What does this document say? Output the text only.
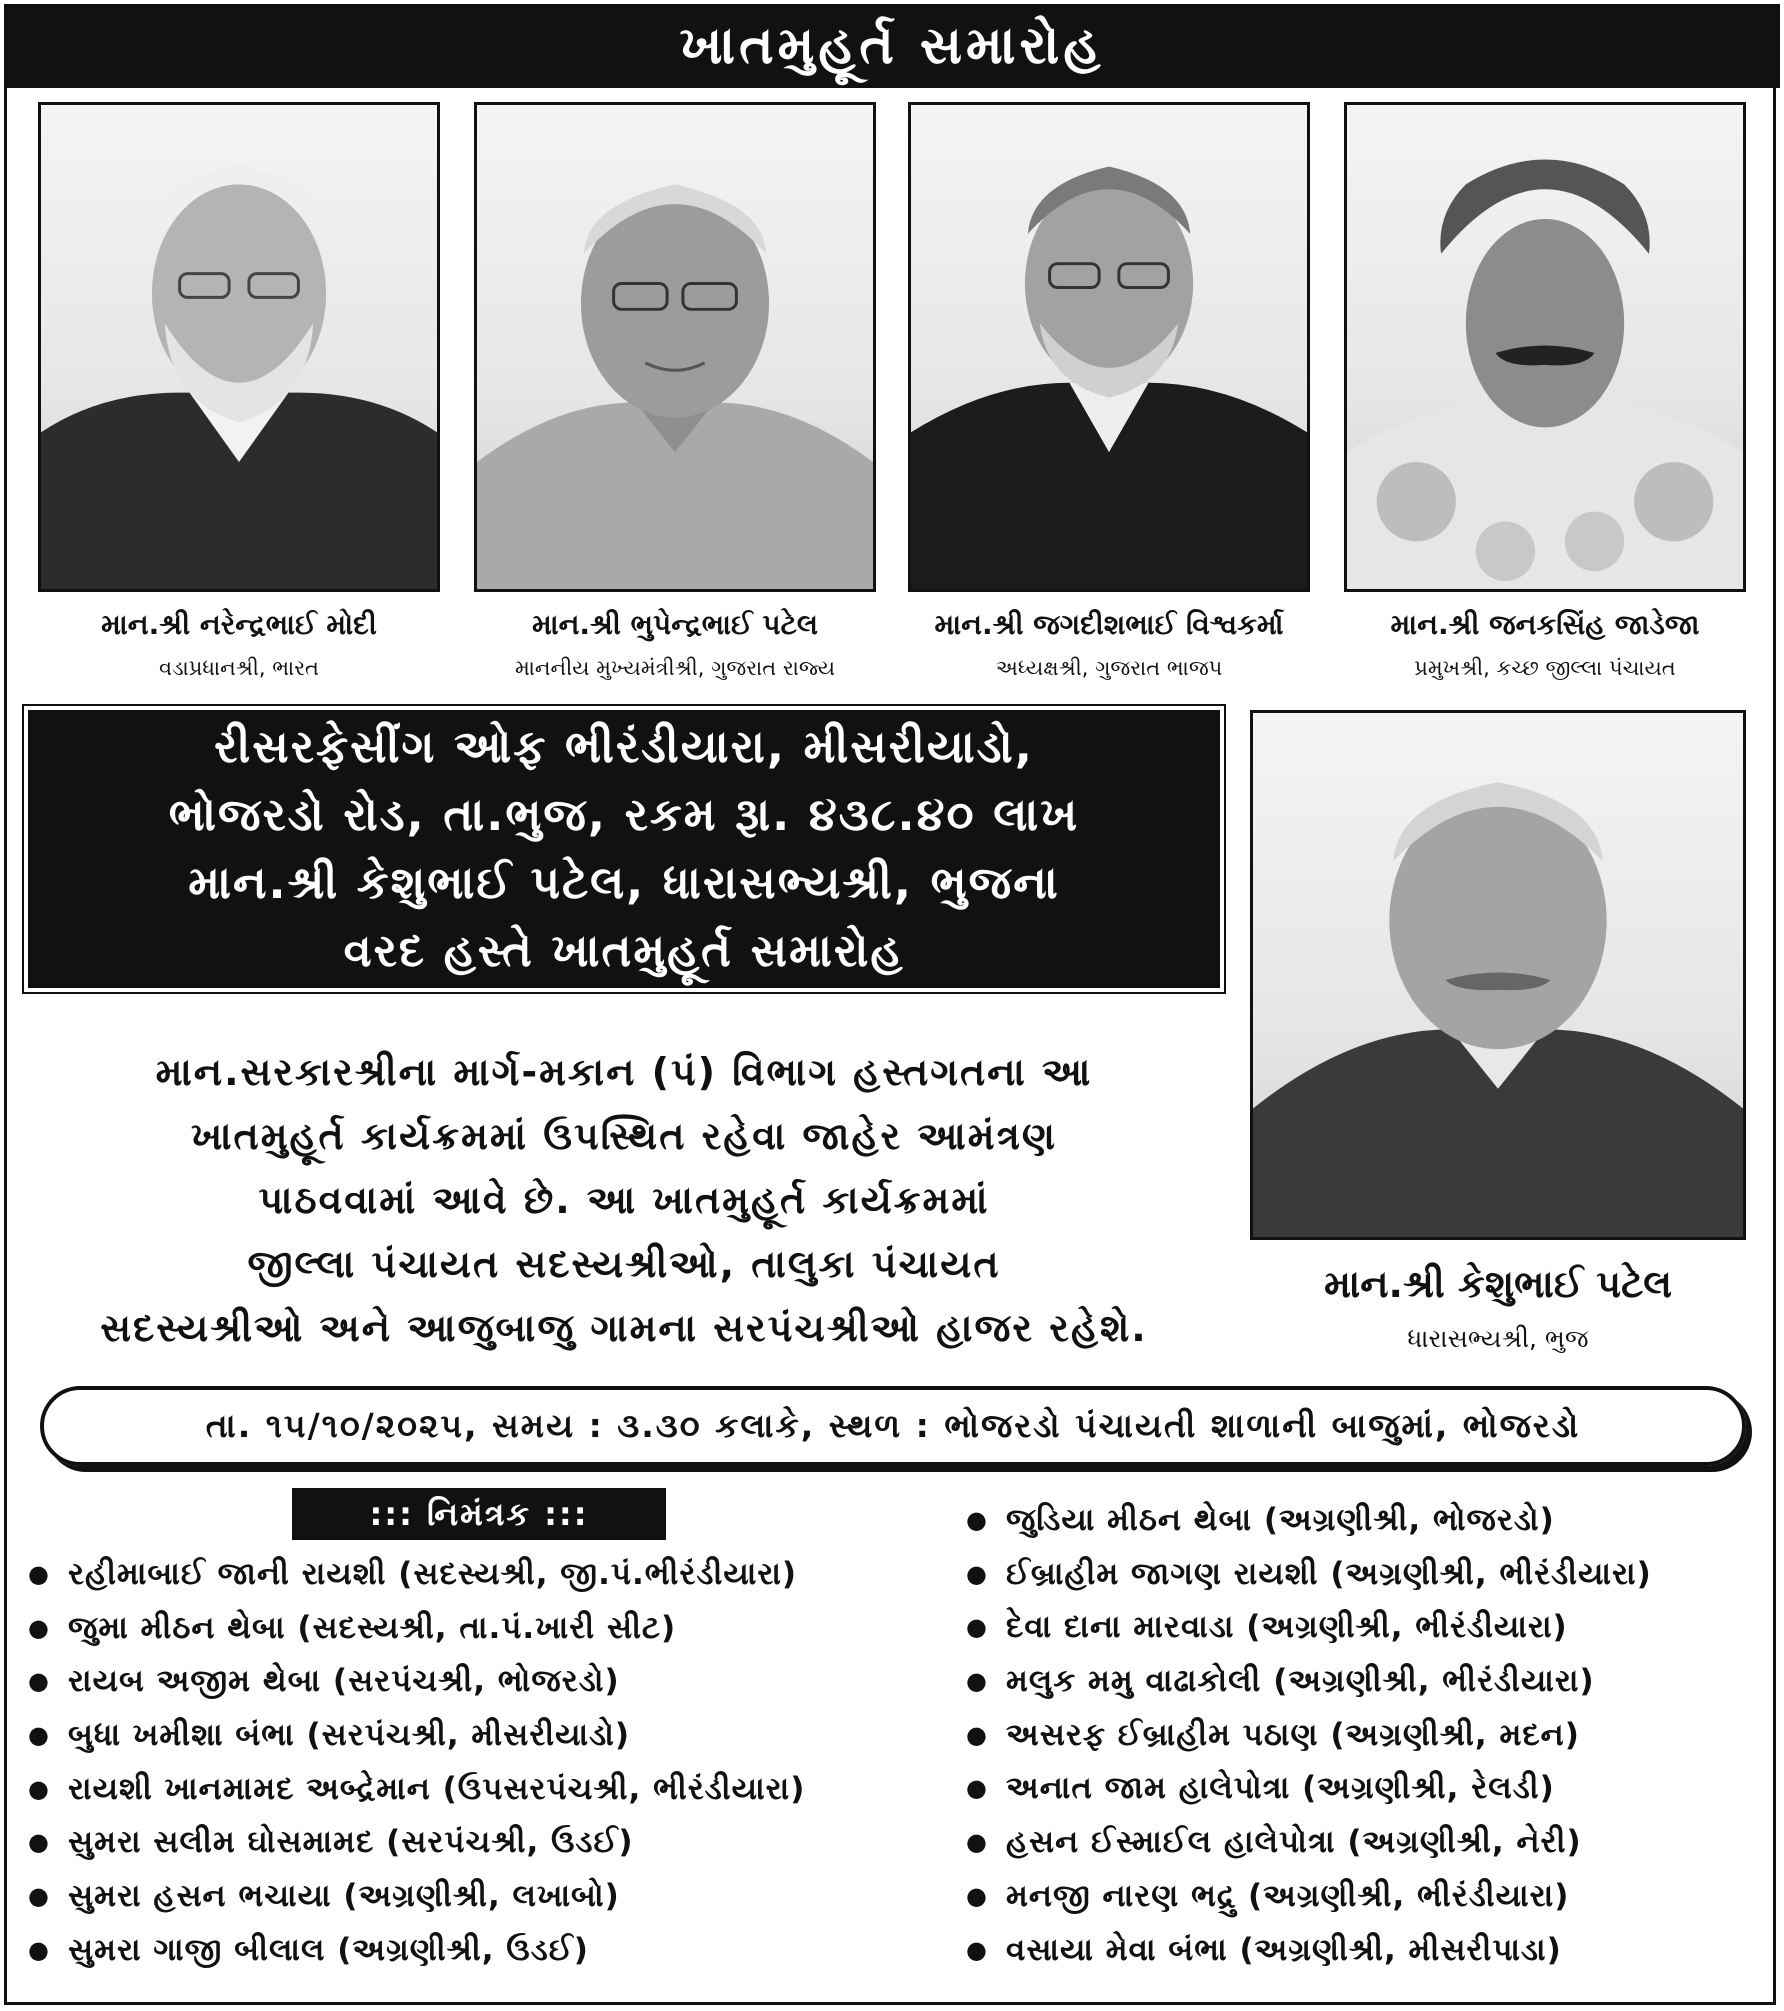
ખાતમુહૂર્ત સમારોહ
માન.શ્રી નરેન્દ્રભાઈ મોદી
વડાપ્રધાનશ્રી, ભારત
માન.શ્રી ભુપેન્દ્રભાઈ પટેલ
માનનીય મુખ્યમંત્રીશ્રી, ગુજરાત રાજ્ય
માન.શ્રી જગદીશભાઈ વિશ્વકર્મા
અધ્યક્ષશ્રી, ગુજરાત ભાજપ
માન.શ્રી જનકસિંહ જાડેજા
પ્રમુખશ્રી, કચ્છ જીલ્લા પંચાયત
રીસરફેસીંગ ઓફ ભીરંડીયારા, મીસરીયાડો,
ભોજરડો રોડ, તા.ભુજ, રકમ રૂા. ૪૩૮.૪૦ લાખ
માન.શ્રી કેશુભાઈ પટેલ, ધારાસભ્યશ્રી, ભુજના
વરદ હસ્તે ખાતમુહૂર્ત સમારોહ
માન.શ્રી કેશુભાઈ પટેલ
ધારાસભ્યશ્રી, ભુજ
માન.સરકારશ્રીના માર્ગ-મકાન (પં) વિભાગ હસ્તગતના આ
ખાતમુહૂર્ત કાર્યક્રમમાં ઉપસ્થિત રહેવા જાહેર આમંત્રણ
પાઠવવામાં આવે છે. આ ખાતમુહૂર્ત કાર્યક્રમમાં
જીલ્લા પંચાયત સદસ્યશ્રીઓ, તાલુકા પંચાયત
સદસ્યશ્રીઓ અને આજુબાજુ ગામના સરપંચશ્રીઓ હાજર રહેશે.
તા. ૧૫/૧૦/૨૦૨૫, સમય : ૩.૩૦ કલાકે, સ્થળ : ભોજરડો પંચાયતી શાળાની બાજુમાં, ભોજરડો
::: નિમંત્રક :::
● રહીમાબાઈ જાની રાયશી (સદસ્યશ્રી, જી.પં.ભીરંડીયારા)
● જુમા મીઠન થેબા (સદસ્યશ્રી, તા.પં.ખારી સીટ)
● રાયબ અજીમ થેબા (સરપંચશ્રી, ભોજરડો)
● બુધા ખમીશા બંભા (સરપંચશ્રી, મીસરીયાડો)
● રાયશી ખાનમામદ અબ્દ્રેમાન (ઉપસરપંચશ્રી, ભીરંડીયારા)
● સુમરા સલીમ ઘોસમામદ (સરપંચશ્રી, ઉડઈ)
● સુમરા હસન ભચાયા (અગ્રણીશ્રી, લખાબો)
● સુમરા ગાજી બીલાલ (અગ્રણીશ્રી, ઉડઈ)
● જુડિયા મીઠન થેબા (અગ્રણીશ્રી, ભોજરડો)
● ઈબ્રાહીમ જાગણ રાયશી (અગ્રણીશ્રી, ભીરંડીયારા)
● દેવા દાના મારવાડા (અગ્રણીશ્રી, ભીરંડીયારા)
● મલુક મમુ વાઢાકોલી (અગ્રણીશ્રી, ભીરંડીયારા)
● અસરફ ઈબ્રાહીમ પઠાણ (અગ્રણીશ્રી, મદન)
● અનાત જામ હાલેપોત્રા (અગ્રણીશ્રી, રેલડી)
● હસન ઈસ્માઈલ હાલેપોત્રા (અગ્રણીશ્રી, નેરી)
● મનજી નારણ ભદ્રુ (અગ્રણીશ્રી, ભીરંડીયારા)
● વસાયા મેવા બંભા (અગ્રણીશ્રી, મીસરીપાડા)
